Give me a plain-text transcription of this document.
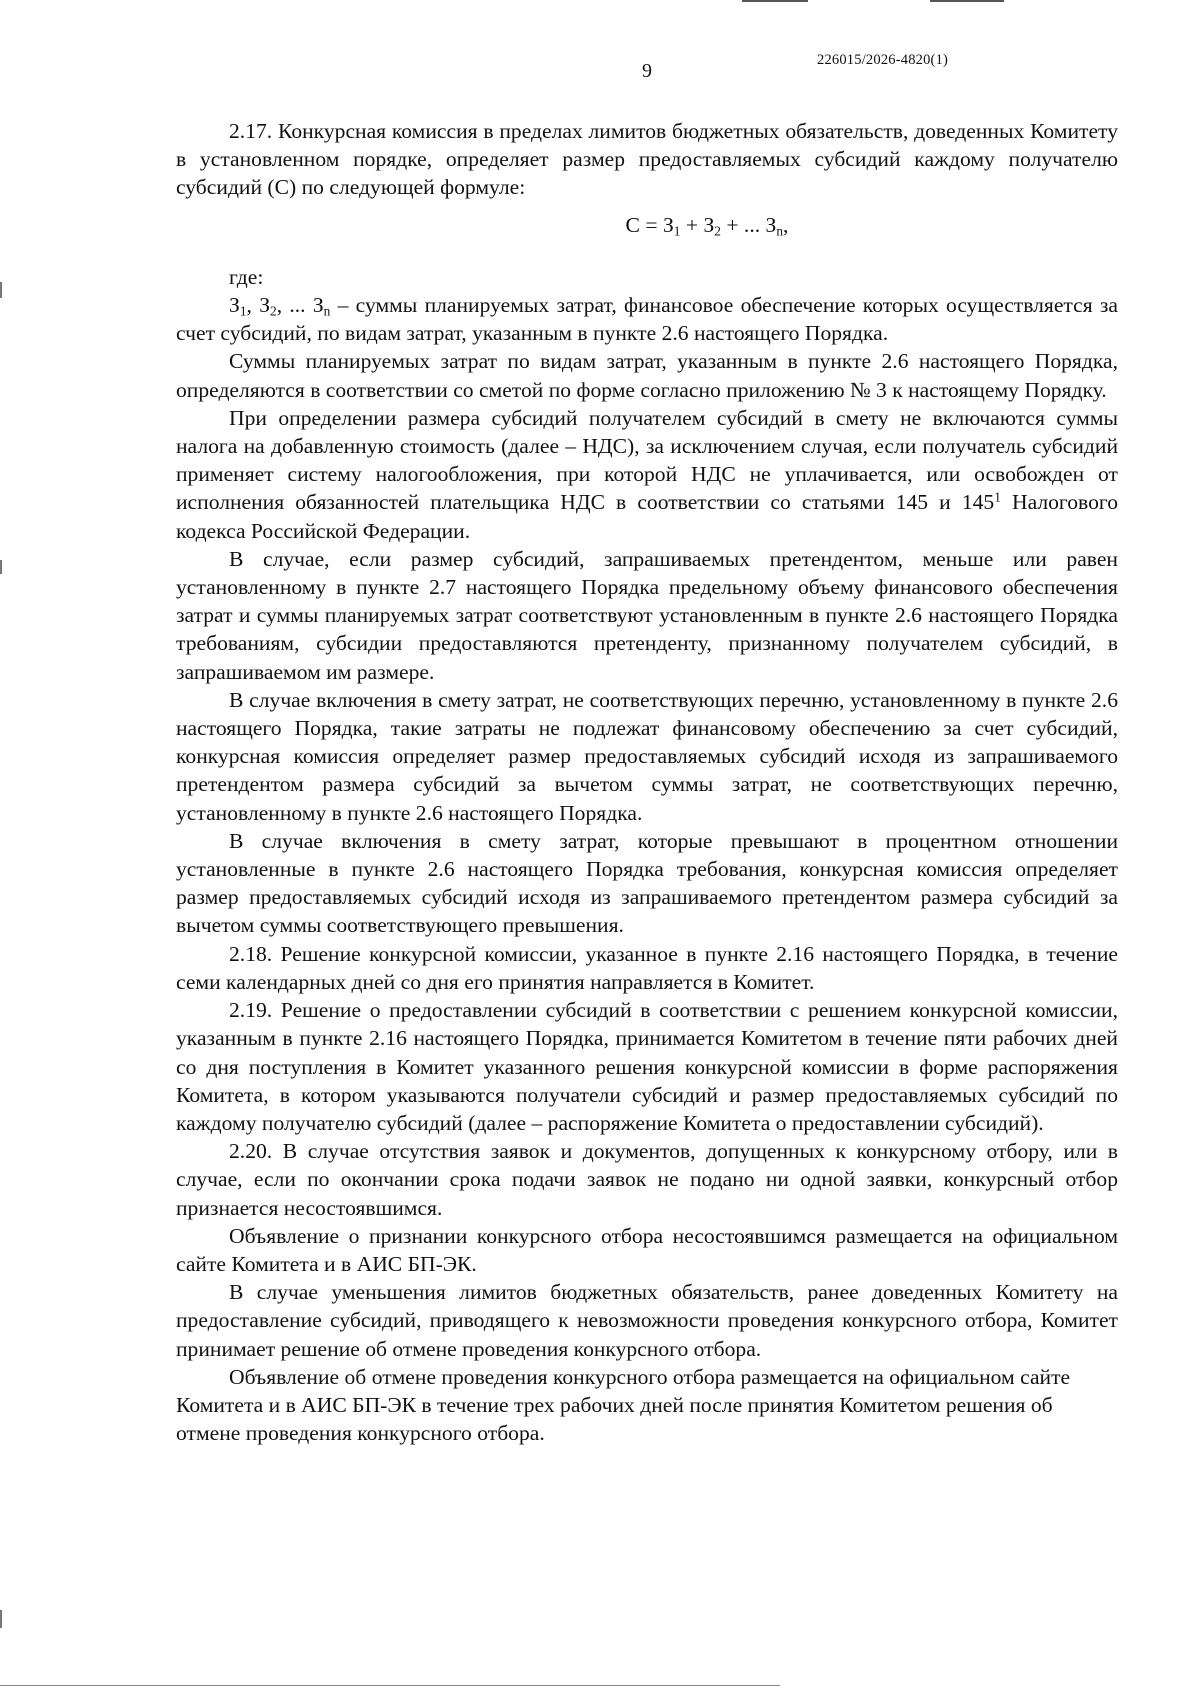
9	226015/2026-4820(1)

2.17. Конкурсная комиссия в пределах лимитов бюджетных обязательств, доведенных Комитету в установленном порядке, определяет размер предоставляемых субсидий каждому получателю субсидий (С) по следующей формуле:

$С = З_1 + З_2$ + ... $З_n$,

где:

$З_1$, $З_2$, ... $З_n$ – суммы планируемых затрат, финансовое обеспечение которых осуществляется за счет субсидий, по видам затрат, указанным в пункте 2.6 настоящего Порядка.

Суммы планируемых затрат по видам затрат, указанным в пункте 2.6 настоящего Порядка, определяются в соответствии со сметой по форме согласно приложению № 3 к настоящему Порядку.

При определении размера субсидий получателем субсидий в смету не включаются суммы налога на добавленную стоимость (далее – НДС), за исключением случая, если получатель субсидий применяет систему налогообложения, при которой НДС не уплачивается, или освобожден от исполнения обязанностей плательщика НДС в соответствии со статьями 145 и $145^1$ Налогового кодекса Российской Федерации.

В случае, если размер субсидий, запрашиваемых претендентом, меньше или равен установленному в пункте 2.7 настоящего Порядка предельному объему финансового обеспечения затрат и суммы планируемых затрат соответствуют установленным в пункте 2.6 настоящего Порядка требованиям, субсидии предоставляются претенденту, признанному получателем субсидий, в запрашиваемом им размере.

В случае включения в смету затрат, не соответствующих перечню, установленному в пункте 2.6 настоящего Порядка, такие затраты не подлежат финансовому обеспечению за счет субсидий, конкурсная комиссия определяет размер предоставляемых субсидий исходя из запрашиваемого претендентом размера субсидий за вычетом суммы затрат, не соответствующих перечню, установленному в пункте 2.6 настоящего Порядка.

В случае включения в смету затрат, которые превышают в процентном отношении установленные в пункте 2.6 настоящего Порядка требования, конкурсная комиссия определяет размер предоставляемых субсидий исходя из запрашиваемого претендентом размера субсидий за вычетом суммы соответствующего превышения.

2.18. Решение конкурсной комиссии, указанное в пункте 2.16 настоящего Порядка, в течение семи календарных дней со дня его принятия направляется в Комитет.

2.19. Решение о предоставлении субсидий в соответствии с решением конкурсной комиссии, указанным в пункте 2.16 настоящего Порядка, принимается Комитетом в течение пяти рабочих дней со дня поступления в Комитет указанного решения конкурсной комиссии в форме распоряжения Комитета, в котором указываются получатели субсидий и размер предоставляемых субсидий по каждому получателю субсидий (далее – распоряжение Комитета о предоставлении субсидий).

2.20. В случае отсутствия заявок и документов, допущенных к конкурсному отбору, или в случае, если по окончании срока подачи заявок не подано ни одной заявки, конкурсный отбор признается несостоявшимся.

Объявление о признании конкурсного отбора несостоявшимся размещается на официальном сайте Комитета и в АИС БП-ЭК.

В случае уменьшения лимитов бюджетных обязательств, ранее доведенных Комитету на предоставление субсидий, приводящего к невозможности проведения конкурсного отбора, Комитет принимает решение об отмене проведения конкурсного отбора.

Объявление об отмене проведения конкурсного отбора размещается на официальном сайте Комитета и в АИС БП-ЭК в течение трех рабочих дней после принятия Комитетом решения об отмене проведения конкурсного отбора.
